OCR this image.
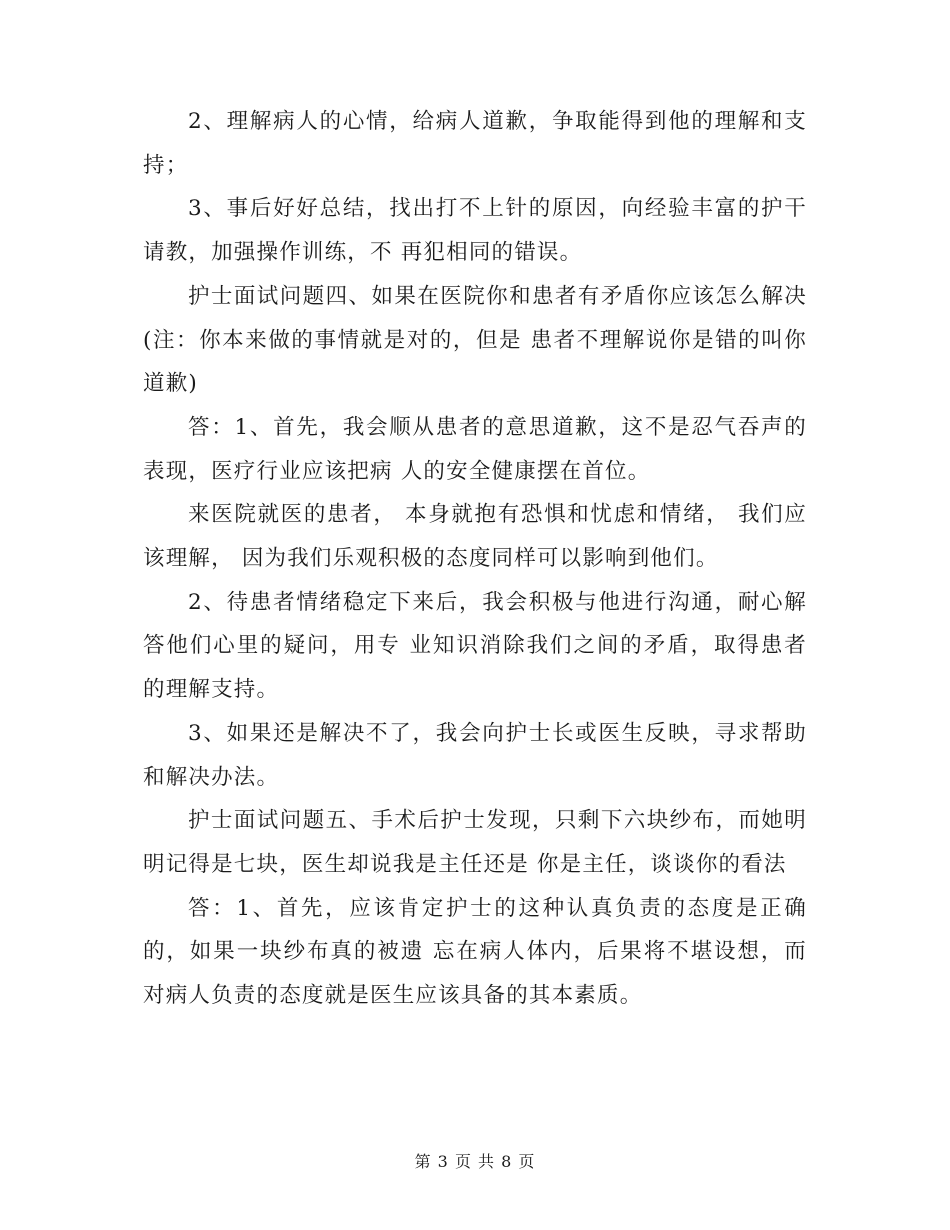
2、理解病人的心情，给病人道歉，争取能得到他的理解和支持；

3、事后好好总结，找出打不上针的原因，向经验丰富的护干请教，加强操作训练，不 再犯相同的错误。

护士面试问题四、如果在医院你和患者有矛盾你应该怎么解决(注：你本来做的事情就是对的，但是 患者不理解说你是错的叫你道歉)

答：1、首先，我会顺从患者的意思道歉，这不是忍气吞声的表现，医疗行业应该把病 人的安全健康摆在首位。

来医院就医的患者， 本身就抱有恐惧和忧虑和情绪， 我们应该理解， 因为我们乐观积极的态度同样可以影响到他们。

2、待患者情绪稳定下来后，我会积极与他进行沟通，耐心解答他们心里的疑问，用专 业知识消除我们之间的矛盾，取得患者的理解支持。

3、如果还是解决不了，我会向护士长或医生反映，寻求帮助和解决办法。

护士面试问题五、手术后护士发现，只剩下六块纱布，而她明明记得是七块，医生却说我是主任还是 你是主任，谈谈你的看法

答：1、首先，应该肯定护士的这种认真负责的态度是正确的，如果一块纱布真的被遗 忘在病人体内，后果将不堪设想，而对病人负责的态度就是医生应该具备的其本素质。

第 3 页 共 8 页
